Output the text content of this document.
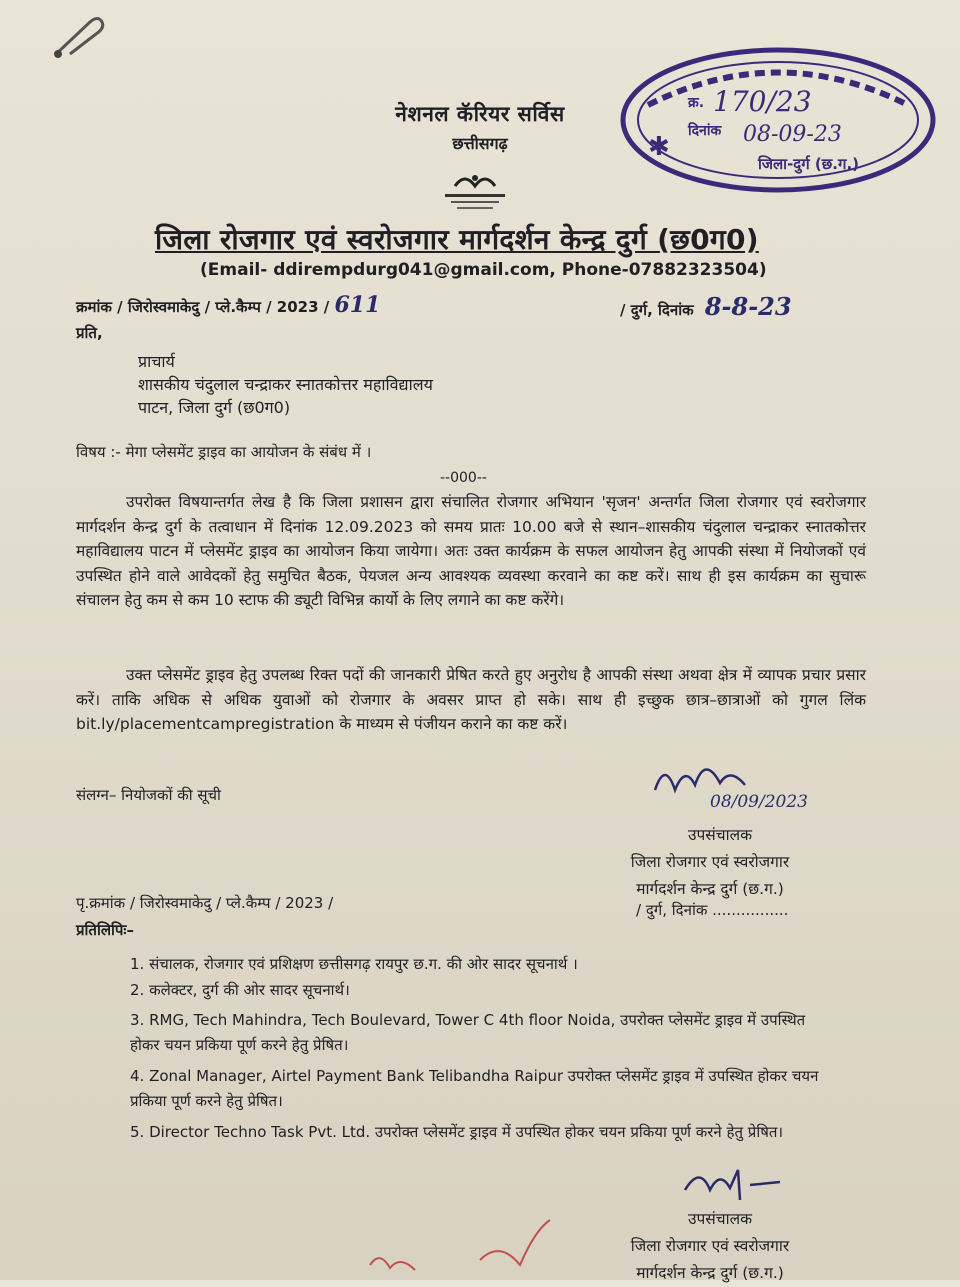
क्र.
दिनांक
170/23
08-09-23
जिला-दुर्ग (छ.ग.)
✱
नेशनल कॅरियर सर्विस
छत्तीसगढ़
जिला रोजगार एवं स्वरोजगार मार्गदर्शन केन्द्र दुर्ग (छ0ग0)
(Email- ddirempdurg041@gmail.com, Phone-07882323504)
क्रमांक / जिरोस्वमाकेदु / प्ले.कैम्प / 2023 / 611	/ दुर्ग, दिनांक 8-8-23
प्रति,
प्राचार्य
शासकीय चंदुलाल चन्द्राकर स्नातकोत्तर महाविद्यालय
पाटन, जिला दुर्ग (छ0ग0)
विषय :- मेगा प्लेसमेंट ड्राइव का आयोजन के संबंध में ।
--000--
उपरोक्त विषयान्तर्गत लेख है कि जिला प्रशासन द्वारा संचालित रोजगार अभियान 'सृजन' अन्तर्गत जिला रोजगार एवं स्वरोजगार मार्गदर्शन केन्द्र दुर्ग के तत्वाधान में दिनांक 12.09.2023 को समय प्रातः 10.00 बजे से स्थान–शासकीय चंदुलाल चन्द्राकर स्नातकोत्तर महाविद्यालय पाटन में प्लेसमेंट ड्राइव का आयोजन किया जायेगा। अतः उक्त कार्यक्रम के सफल आयोजन हेतु आपकी संस्था में नियोजकों एवं उपस्थित होने वाले आवेदकों हेतु समुचित बैठक, पेयजल अन्य आवश्यक व्यवस्था करवाने का कष्ट करें। साथ ही इस कार्यक्रम का सुचारू संचालन हेतु कम से कम 10 स्टाफ की ड्यूटी विभिन्न कार्यो के लिए लगाने का कष्ट करेंगे।
उक्त प्लेसमेंट ड्राइव हेतु उपलब्ध रिक्त पदों की जानकारी प्रेषित करते हुए अनुरोध है आपकी संस्था अथवा क्षेत्र में व्यापक प्रचार प्रसार करें। ताकि अधिक से अधिक युवाओं को रोजगार के अवसर प्राप्त हो सके। साथ ही इच्छुक छात्र–छात्राओं को गुगल लिंक bit.ly/placementcampregistration के माध्यम से पंजीयन कराने का कष्ट करें।
संलग्न– नियोजकों की सूची	08/09/2023
उपसंचालक
जिला रोजगार एवं स्वरोजगार
मार्गदर्शन केन्द्र दुर्ग (छ.ग.)
पृ.क्रमांक / जिरोस्वमाकेदु / प्ले.कैम्प / 2023 /	/ दुर्ग, दिनांक ................
प्रतिलिपिः–
1. संचालक, रोजगार एवं प्रशिक्षण छत्तीसगढ़ रायपुर छ.ग. की ओर सादर सूचनार्थ ।
2. कलेक्टर, दुर्ग की ओर सादर सूचनार्थ।
3. RMG, Tech Mahindra, Tech Boulevard, Tower C 4th floor Noida, उपरोक्त प्लेसमेंट ड्राइव में उपस्थित होकर चयन प्रकिया पूर्ण करने हेतु प्रेषित।
4. Zonal Manager, Airtel Payment Bank Telibandha Raipur उपरोक्त प्लेसमेंट ड्राइव में उपस्थित होकर चयन प्रकिया पूर्ण करने हेतु प्रेषित।
5. Director Techno Task Pvt. Ltd. उपरोक्त प्लेसमेंट ड्राइव में उपस्थित होकर चयन प्रकिया पूर्ण करने हेतु प्रेषित।
उपसंचालक
जिला रोजगार एवं स्वरोजगार
मार्गदर्शन केन्द्र दुर्ग (छ.ग.)
